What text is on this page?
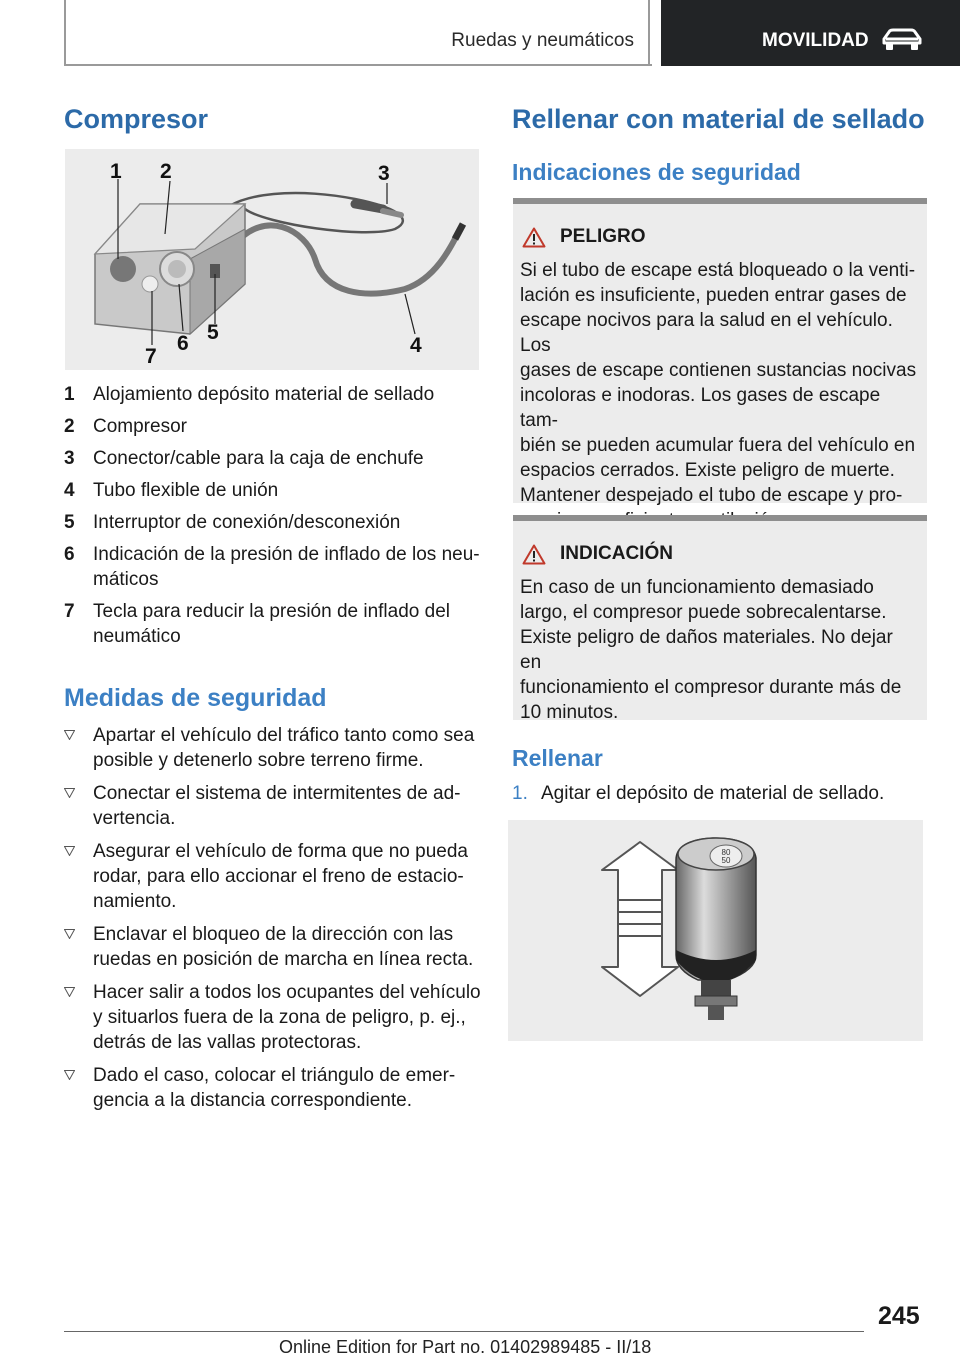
Ruedas y neumáticos	MOVILIDAD
Compresor
1 2	3
4
5
6
7
1 Alojamiento depósito material de sellado
2 Compresor
3 Conector/cable para la caja de enchufe
4 Tubo flexible de unión
5 Interruptor de conexión/desconexión
6 Indicación de la presión de inflado de los neu‐
máticos
7 Tecla para reducir la presión de inflado del
neumático
Medidas de seguridad
Apartar el vehículo del tráfico tanto como sea
posible y detenerlo sobre terreno firme.
Conectar el sistema de intermitentes de ad‐
vertencia.
Asegurar el vehículo de forma que no pueda
rodar, para ello accionar el freno de estacio‐
namiento.
Enclavar el bloqueo de la dirección con las
ruedas en posición de marcha en línea recta.
Hacer salir a todos los ocupantes del vehículo
y situarlos fuera de la zona de peligro, p. ej.,
detrás de las vallas protectoras.
Dado el caso, colocar el triángulo de emer‐
gencia a la distancia correspondiente.
Rellenar con material de sellado
Indicaciones de seguridad
PELIGRO
Si el tubo de escape está bloqueado o la venti‐
lación es insuficiente, pueden entrar gases de
escape nocivos para la salud en el vehículo. Los
gases de escape contienen sustancias nocivas
incoloras e inodoras. Los gases de escape tam‐
bién se pueden acumular fuera del vehículo en
espacios cerrados. Existe peligro de muerte.
Mantener despejado el tubo de escape y pro‐
INDICACIÓN
En caso de un funcionamiento demasiado
largo, el compresor puede sobrecalentarse.
Existe peligro de daños materiales. No dejar en
funcionamiento el compresor durante más de
10 minutos.
Rellenar
1. Agitar el depósito de material de sellado.
80
50
245
Online Edition for Part no. 01402989485 - II/18
